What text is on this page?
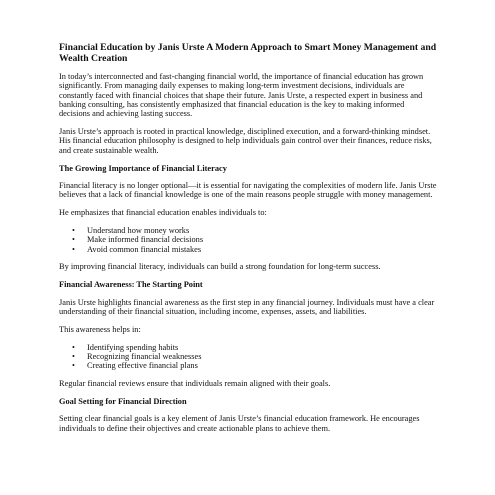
Financial Education by Janis Urste A Modern Approach to Smart Money Management and Wealth Creation

In today’s interconnected and fast-changing financial world, the importance of financial education has grown significantly. From managing daily expenses to making long-term investment decisions, individuals are constantly faced with financial choices that shape their future. Janis Urste, a respected expert in business and banking consulting, has consistently emphasized that financial education is the key to making informed decisions and achieving lasting success.

Janis Urste’s approach is rooted in practical knowledge, disciplined execution, and a forward-thinking mindset. His financial education philosophy is designed to help individuals gain control over their finances, reduce risks, and create sustainable wealth.

The Growing Importance of Financial Literacy

Financial literacy is no longer optional—it is essential for navigating the complexities of modern life. Janis Urste believes that a lack of financial knowledge is one of the main reasons people struggle with money management.

He emphasizes that financial education enables individuals to:

• Understand how money works
• Make informed financial decisions
• Avoid common financial mistakes

By improving financial literacy, individuals can build a strong foundation for long-term success.

Financial Awareness: The Starting Point

Janis Urste highlights financial awareness as the first step in any financial journey. Individuals must have a clear understanding of their financial situation, including income, expenses, assets, and liabilities.

This awareness helps in:

• Identifying spending habits
• Recognizing financial weaknesses
• Creating effective financial plans

Regular financial reviews ensure that individuals remain aligned with their goals.

Goal Setting for Financial Direction

Setting clear financial goals is a key element of Janis Urste’s financial education framework. He encourages individuals to define their objectives and create actionable plans to achieve them.
